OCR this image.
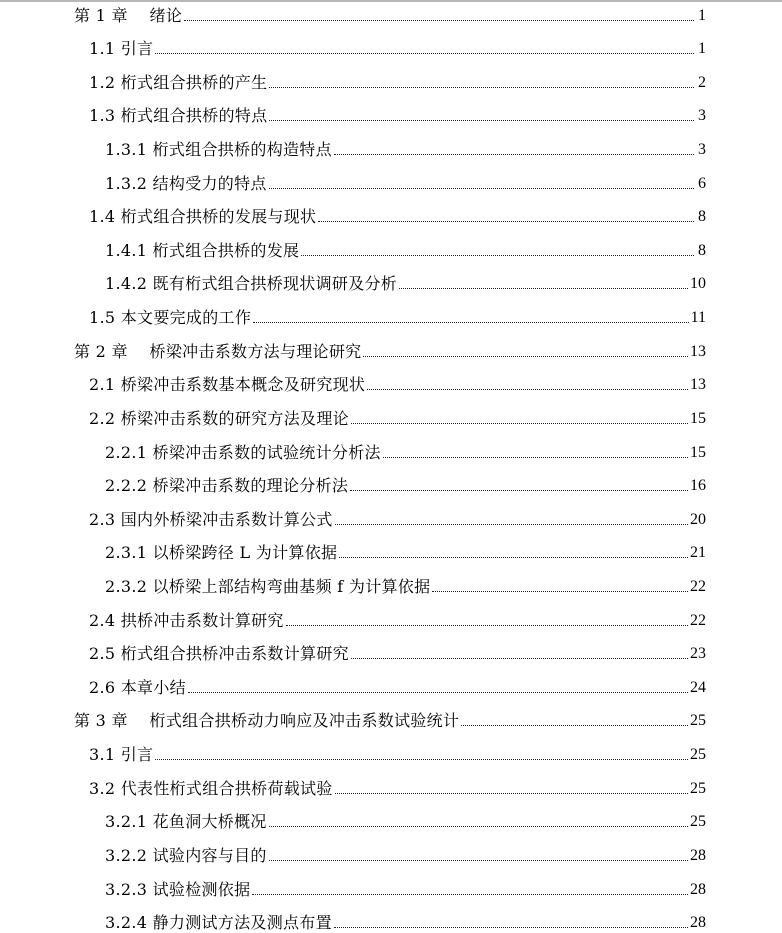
第 1 章　 绪论	1
1.1 引言	1
1.2 桁式组合拱桥的产生	2
1.3 桁式组合拱桥的特点	3
1.3.1 桁式组合拱桥的构造特点	3
1.3.2 结构受力的特点	6
1.4 桁式组合拱桥的发展与现状	8
1.4.1 桁式组合拱桥的发展	8
1.4.2 既有桁式组合拱桥现状调研及分析	10
1.5 本文要完成的工作	11
第 2 章　 桥梁冲击系数方法与理论研究	13
2.1 桥梁冲击系数基本概念及研究现状	13
2.2 桥梁冲击系数的研究方法及理论	15
2.2.1 桥梁冲击系数的试验统计分析法	15
2.2.2 桥梁冲击系数的理论分析法	16
2.3 国内外桥梁冲击系数计算公式	20
2.3.1 以桥梁跨径 L 为计算依据	21
2.3.2 以桥梁上部结构弯曲基频 f 为计算依据	22
2.4 拱桥冲击系数计算研究	22
2.5 桁式组合拱桥冲击系数计算研究	23
2.6 本章小结	24
第 3 章　 桁式组合拱桥动力响应及冲击系数试验统计	25
3.1 引言	25
3.2 代表性桁式组合拱桥荷载试验	25
3.2.1 花鱼洞大桥概况	25
3.2.2 试验内容与目的	28
3.2.3 试验检测依据	28
3.2.4 静力测试方法及测点布置	28
